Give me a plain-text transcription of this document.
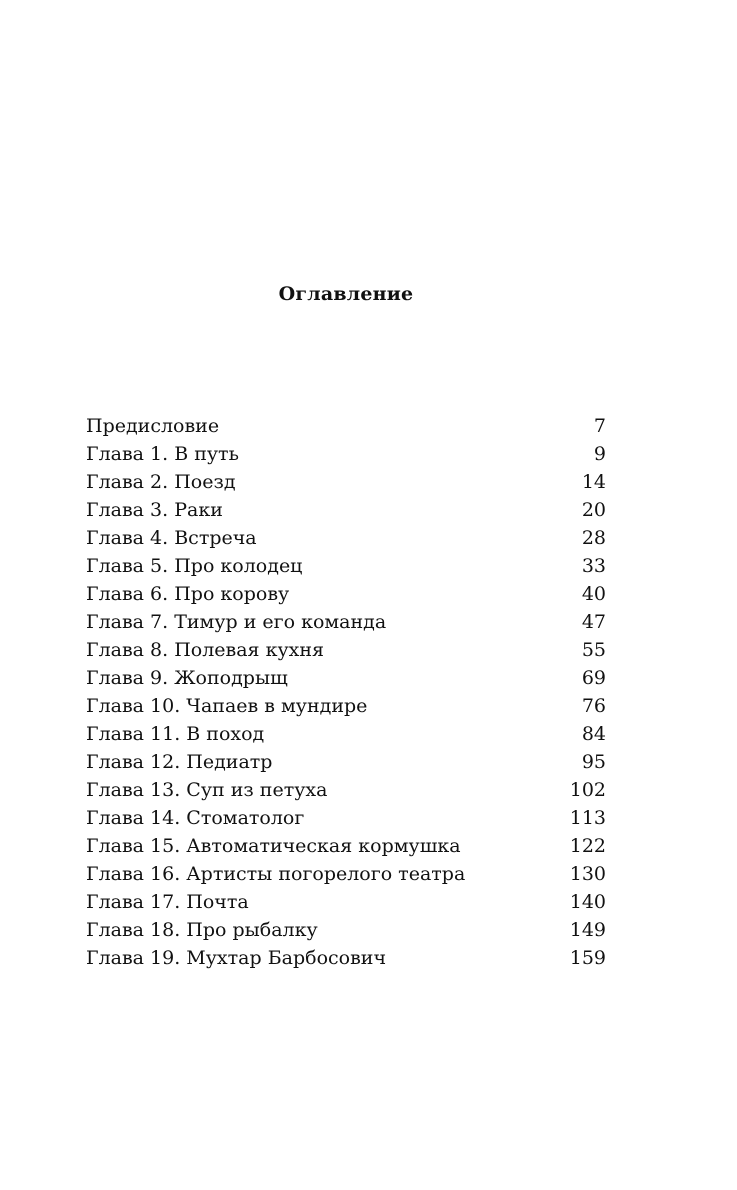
Оглавление
Предисловие	7
Глава 1. В путь	9
Глава 2. Поезд	14
Глава 3. Раки	20
Глава 4. Встреча	28
Глава 5. Про колодец	33
Глава 6. Про корову	40
Глава 7. Тимур и его команда	47
Глава 8. Полевая кухня	55
Глава 9. Жоподрыщ	69
Глава 10. Чапаев в мундире	76
Глава 11. В поход	84
Глава 12. Педиатр	95
Глава 13. Суп из петуха	102
Глава 14. Стоматолог	113
Глава 15. Автоматическая кормушка	122
Глава 16. Артисты погорелого театра	130
Глава 17. Почта	140
Глава 18. Про рыбалку	149
Глава 19. Мухтар Барбосович	159
